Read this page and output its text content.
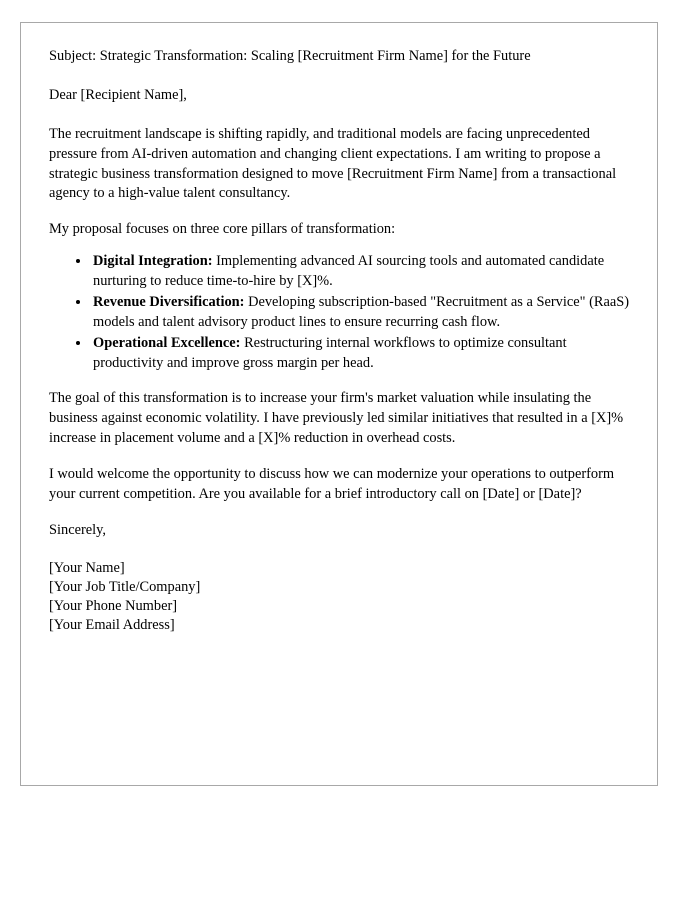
Subject: Strategic Transformation: Scaling [Recruitment Firm Name] for the Future

Dear [Recipient Name],

The recruitment landscape is shifting rapidly, and traditional models are facing unprecedented pressure from AI-driven automation and changing client expectations. I am writing to propose a strategic business transformation designed to move [Recruitment Firm Name] from a transactional agency to a high-value talent consultancy.

My proposal focuses on three core pillars of transformation:

• Digital Integration: Implementing advanced AI sourcing tools and automated candidate nurturing to reduce time-to-hire by [X]%.
• Revenue Diversification: Developing subscription-based "Recruitment as a Service" (RaaS) models and talent advisory product lines to ensure recurring cash flow.
• Operational Excellence: Restructuring internal workflows to optimize consultant productivity and improve gross margin per head.

The goal of this transformation is to increase your firm's market valuation while insulating the business against economic volatility. I have previously led similar initiatives that resulted in a [X]% increase in placement volume and a [X]% reduction in overhead costs.

I would welcome the opportunity to discuss how we can modernize your operations to outperform your current competition. Are you available for a brief introductory call on [Date] or [Date]?

Sincerely,

[Your Name]
[Your Job Title/Company]
[Your Phone Number]
[Your Email Address]
